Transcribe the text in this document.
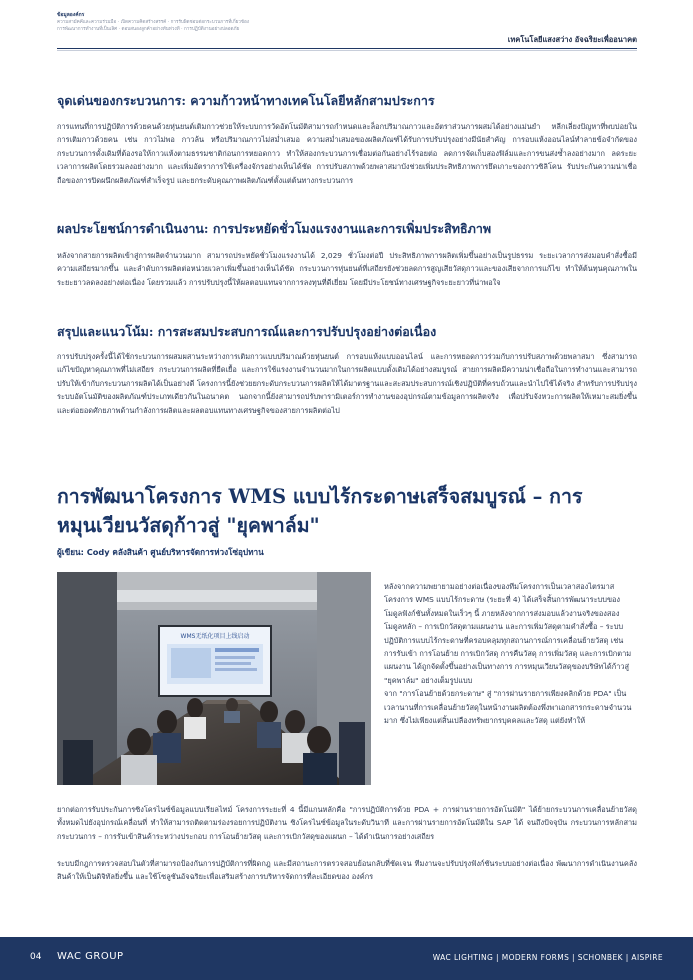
ข้อมูลองค์กร
ความสามัคคีและความร่วมมือ · เปิดความคิดสร้างสรรค์ · การรับผิดชอบต่อกระบวนการที่เกี่ยวข้อง
การพัฒนาการทำงานที่เป็นเลิศ · ตอบสนองลูกค้าอย่างทันท่วงที · การปฏิบัติงานอย่างปลอดภัย
เทคโนโลยีแสงสว่าง อัจฉริยะเพื่ออนาคต
จุดเด่นของกระบวนการ: ความก้าวหน้าทางเทคโนโลยีหลักสามประการ

การแทนที่การปฏิบัติการด้วยคนด้วยหุ่นยนต์เติมกาวช่วยให้ระบบการวัดอัตโนมัติสามารถกำหนดและล็อกปริมาณกาวและอัตราส่วนการผสมได้อย่างแม่นยำ หลีกเลี่ยงปัญหาที่พบบ่อยในการเติมกาวด้วยคน เช่น กาวไม่พอ กาวล้น หรือปริมาณกาวไม่สม่ำเสมอ ความสม่ำเสมอของผลิตภัณฑ์ได้รับการปรับปรุงอย่างมีนัยสำคัญ การอบแห้งออนไลน์ทำลายข้อจำกัดของกระบวนการดั้งเดิมที่ต้องรอให้กาวแห้งตามธรรมชาติก่อนการหยอดกาว ทำให้สองกระบวนการเชื่อมต่อกันอย่างไร้รอยต่อ ลดการจัดเก็บสองฟิล์มและการขนส่งซ้ำลงอย่างมาก ลดระยะเวลาการผลิตโดยรวมลงอย่างมาก และเพิ่มอัตราการใช้เครื่องจักรอย่างเห็นได้ชัด การปรับสภาพด้วยพลาสมาบังช่วยเพิ่มประสิทธิภาพการยึดเกาะของกาวซิลิโคน รับประกันความน่าเชื่อถือของการปิดผนึกผลิตภัณฑ์สำเร็จรูป และยกระดับคุณภาพผลิตภัณฑ์ตั้งแต่ต้นทางกระบวนการ

ผลประโยชน์การดำเนินงาน: การประหยัดชั่วโมงแรงงานและการเพิ่มประสิทธิภาพ

หลังจากสายการผลิตเข้าสู่การผลิตจำนวนมาก สามารถประหยัดชั่วโมงแรงงานได้ 2,029 ชั่วโมงต่อปี ประสิทธิภาพการผลิตเพิ่มขึ้นอย่างเป็นรูปธรรม ระยะเวลาการส่งมอบคำสั่งซื้อมีความเสถียรมากขึ้น และลำดับการผลิตต่อหน่วยเวลาเพิ่มขึ้นอย่างเห็นได้ชัด กระบวนการหุ่นยนต์ที่เสถียรยังช่วยลดการสูญเสียวัสดุกาวและของเสียจากการแก้ไข ทำให้ต้นทุนคุณภาพในระยะยาวลดลงอย่างต่อเนื่อง โดยรวมแล้ว การปรับปรุงนี้ให้ผลตอบแทนจากการลงทุนที่ดีเยี่ยม โดยมีประโยชน์ทางเศรษฐกิจระยะยาวที่น่าพอใจ

สรุปและแนวโน้ม: การสะสมประสบการณ์และการปรับปรุงอย่างต่อเนื่อง

การปรับปรุงครั้งนี้ได้ใช้กระบวนการผสมผสานระหว่างการเติมกาวแบบปริมาณด้วยหุ่นยนต์ การอบแห้งแบบออนไลน์ และการหยอดกาวร่วมกับการปรับสภาพด้วยพลาสมา ซึ่งสามารถแก้ไขปัญหาคุณภาพที่ไม่เสถียร กระบวนการผลิตที่ยืดเยื้อ และการใช้แรงงานจำนวนมากในการผลิตแบบดั้งเดิมได้อย่างสมบูรณ์ สายการผลิตมีความน่าเชื่อถือในการทำงานและสามารถปรับให้เข้ากับกระบวนการผลิตได้เป็นอย่างดี โครงการนี้ยังช่วยยกระดับกระบวนการผลิตให้ได้มาตรฐานและสะสมประสบการณ์เชิงปฏิบัติที่ครบถ้วนและนำไปใช้ได้จริง สำหรับการปรับปรุงระบบอัตโนมัติของผลิตภัณฑ์ประเภทเดียวกันในอนาคต นอกจากนี้ยังสามารถปรับพารามิเตอร์การทำงานของอุปกรณ์ตามข้อมูลการผลิตจริง เพื่อปรับจังหวะการผลิตให้เหมาะสมยิ่งขึ้น และต่อยอดศักยภาพด้านกำลังการผลิตและผลตอบแทนทางเศรษฐกิจของสายการผลิตต่อไป

การพัฒนาโครงการ WMS แบบไร้กระดาษเสร็จสมบูรณ์ – การหมุนเวียนวัสดุก้าวสู่ "ยุคพาล์ม"
ผู้เขียน: Cody คลังสินค้า ศูนย์บริหารจัดการห่วงโซ่อุปทาน
WMS无纸化项目上线启动
หลังจากความพยายามอย่างต่อเนื่องของทีมโครงการเป็นเวลาสองไตรมาส โครงการ WMS แบบไร้กระดาษ (ระยะที่ 4) ได้เสร็จสิ้นการพัฒนาระบบของโมดูลฟังก์ชันทั้งหมดในเร็วๆ นี้ ภายหลังจากการส่งมอบแล้วงานจริงของสองโมดูลหลัก – การเบิกวัสดุตามแผนงาน และการเพิ่มวัสดุตามคำสั่งซื้อ – ระบบปฏิบัติการแบบไร้กระดาษที่ครอบคลุมทุกสถานการณ์การเคลื่อนย้ายวัสดุ เช่น การรับเข้า การโอนย้าย การเบิกวัสดุ การคืนวัสดุ การเพิ่มวัสดุ และการเบิกตามแผนงาน ได้ถูกจัดตั้งขึ้นอย่างเป็นทางการ การหมุนเวียนวัสดุของบริษัทได้ก้าวสู่ "ยุคพาล์ม" อย่างเต็มรูปแบบ
จาก "การโอนย้ายด้วยกระดาษ" สู่ "การผ่านรายการเพียงคลิกด้วย PDA" เป็นเวลานานที่การเคลื่อนย้ายวัสดุในหน้างานผลิตต้องพึ่งพาเอกสารกระดาษจำนวนมาก ซึ่งไม่เพียงแต่สิ้นเปลืองทรัพยากรบุคคลและวัสดุ แต่ยังทำให้

ยากต่อการรับประกันการซิงโครไนซ์ข้อมูลแบบเรียลไทม์ โครงการระยะที่ 4 นี้มีแกนหลักคือ "การปฏิบัติการด้วย PDA + การผ่านรายการอัตโนมัติ" ได้ย้ายกระบวนการเคลื่อนย้ายวัสดุทั้งหมดไปยังอุปกรณ์เคลื่อนที่ ทำให้สามารถติดตามร่องรอยการปฏิบัติงาน ซิงโครไนซ์ข้อมูลในระดับวินาที และการผ่านรายการอัตโนมัติใน SAP ได้ จนถึงปัจจุบัน กระบวนการหลักสามกระบวนการ – การรับเข้าสินค้าระหว่างประกอบ การโอนย้ายวัสดุ และการเบิกวัสดุของแผนก – ได้ดำเนินการอย่างเสถียร

ระบบมีกฎการตรวจสอบในตัวที่สามารถป้องกันการปฏิบัติการที่ผิดกฎ และมีสถานะการตรวจสอบย้อนกลับที่ชัดเจน ทีมงานจะปรับปรุงฟังก์ชันระบบอย่างต่อเนื่อง พัฒนาการดำเนินงานคลังสินค้าให้เป็นดิจิทัลยิ่งขึ้น และใช้โซลูชันอัจฉริยะเพื่อเสริมสร้างการบริหารจัดการที่ละเอียดของ องค์กร

04 WAC GROUP	WAC LIGHTING | MODERN FORMS | SCHONBEK | AISPIRE
